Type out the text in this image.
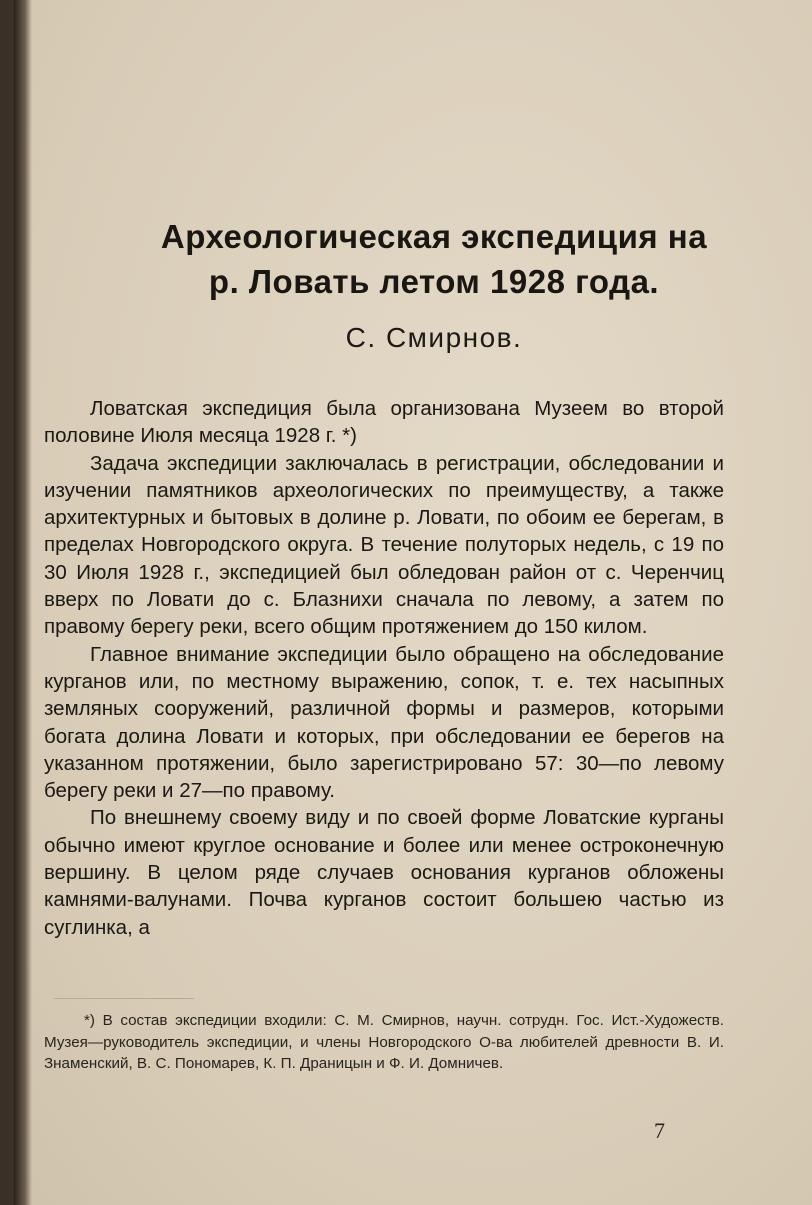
Археологическая экспедиция на
р. Ловать летом 1928 года.
С. Смирнов.

Ловатская экспедиция была организована Музеем во второй половине Июля месяца 1928 г. *)

Задача экспедиции заключалась в регистрации, обследовании и изучении памятников археологических по преимуществу, а также архитектурных и бытовых в долине р. Ловати, по обоим ее берегам, в пределах Новгородского округа. В течение полуторых недель, с 19 по 30 Июля 1928 г., экспедицией был обледован район от с. Черенчиц вверх по Ловати до с. Блазнихи сначала по левому, а затем по правому берегу реки, всего общим протяжением до 150 килом.

Главное внимание экспедиции было обращено на обследование курганов или, по местному выражению, сопок, т. е. тех насыпных земляных сооружений, различной формы и размеров, которыми богата долина Ловати и которых, при обследовании ее берегов на указанном протяжении, было зарегистрировано 57: 30—по левому берегу реки и 27—по правому.

По внешнему своему виду и по своей форме Ловатские курганы обычно имеют круглое основание и более или менее остроконечную вершину. В целом ряде случаев основания курганов обложены камнями-валунами. Почва курганов состоит большею частью из суглинка, а

*) В состав экспедиции входили: С. М. Смирнов, научн. сотрудн. Гос. Ист.-Художеств. Музея—руководитель экспедиции, и члены Новгородского О-ва любителей древности В. И. Знаменский, В. С. Пономарев, К. П. Драницын и Ф. И. Домничев.
7
